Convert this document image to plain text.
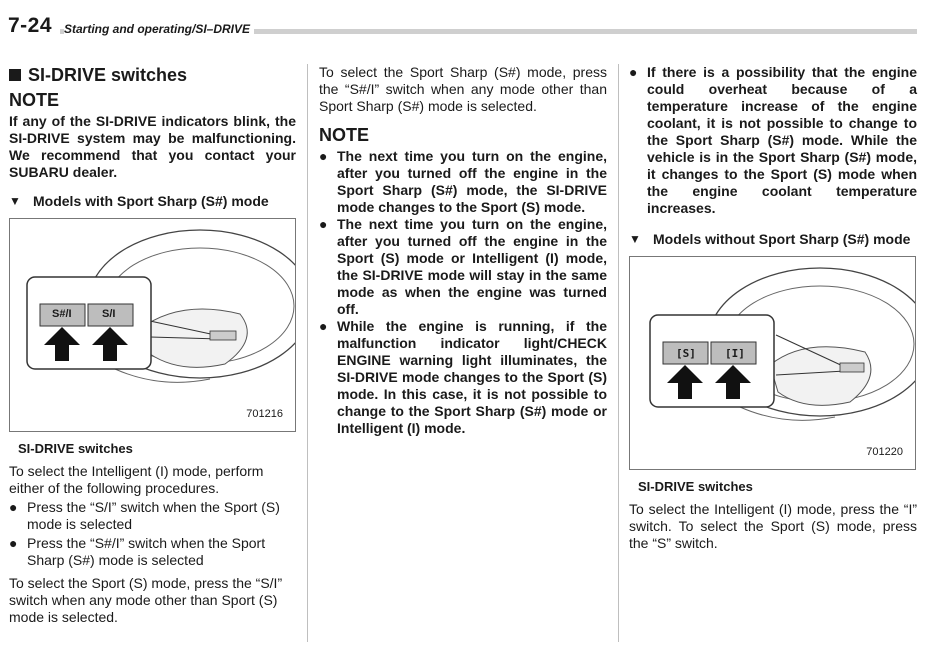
7-24 Starting and operating/SI–DRIVE
SI-DRIVE switches
NOTE

If any of the SI-DRIVE indicators blink, the SI-DRIVE system may be malfunctioning. We recommend that you contact your SUBARU dealer.

▼ Models with Sport Sharp (S#) mode
S#/I	S/I
701216
SI-DRIVE switches

To select the Intelligent (I) mode, perform either of the following procedures.

● Press the “S/I” switch when the Sport (S) mode is selected
● Press the “S#/I” switch when the Sport Sharp (S#) mode is selected

To select the Sport (S) mode, press the “S/I” switch when any mode other than Sport (S) mode is selected.

To select the Sport Sharp (S#) mode, press the “S#/I” switch when any mode other than Sport Sharp (S#) mode is selected.

NOTE
● The next time you turn on the engine, after you turned off the engine in the Sport Sharp (S#) mode, the SI-DRIVE mode changes to the Sport (S) mode.
● The next time you turn on the engine, after you turned off the engine in the Sport (S) mode or Intelligent (I) mode, the SI-DRIVE mode will stay in the same mode as when the engine was turned off.
● While the engine is running, if the malfunction indicator light/CHECK ENGINE warning light illuminates, the SI-DRIVE mode changes to the Sport (S) mode. In this case, it is not possible to change to the Sport Sharp (S#) mode or Intelligent (I) mode.
● If there is a possibility that the engine could overheat because of a temperature increase of the engine coolant, it is not possible to change to the Sport Sharp (S#) mode. While the vehicle is in the Sport Sharp (S#) mode, it changes to the Sport (S) mode when the engine coolant temperature increases.
▼ Models without Sport Sharp (S#) mode
[S]	[I]
701220
SI-DRIVE switches

To select the Intelligent (I) mode, press the “I” switch. To select the Sport (S) mode, press the “S” switch.
